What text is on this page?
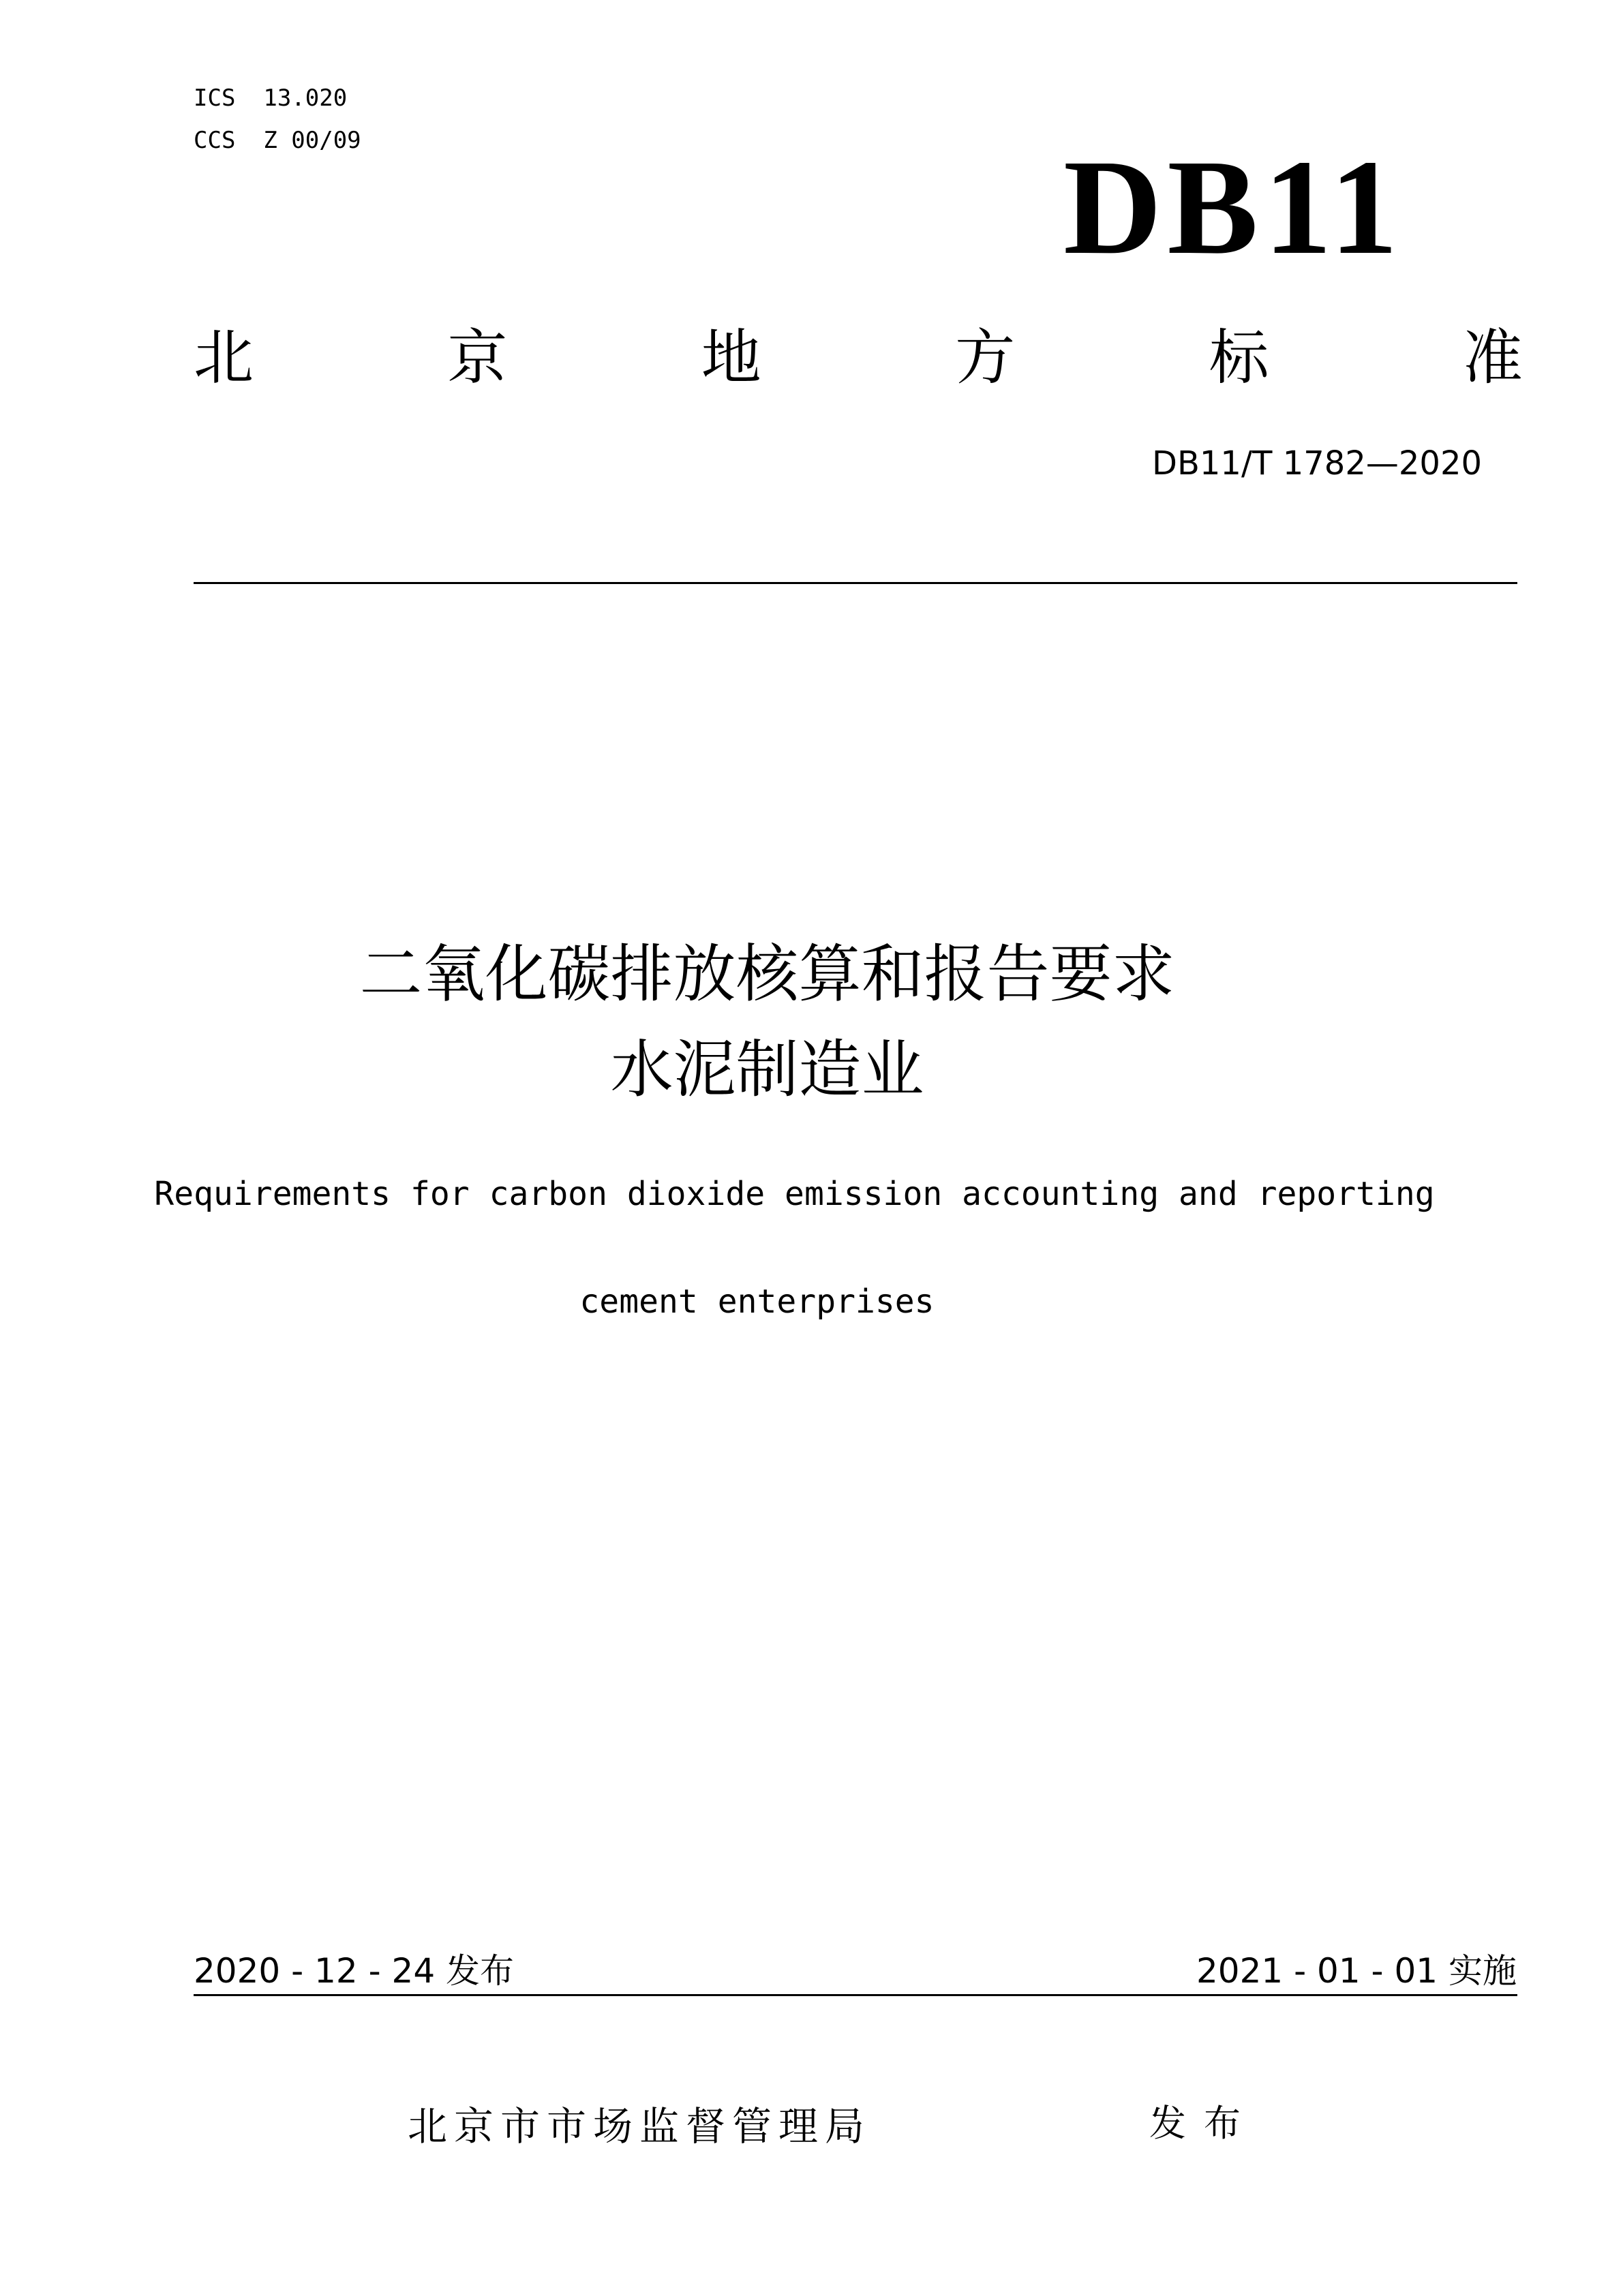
ICS  13.020
CCS  Z 00/09	DB11
北	京	地	方	标	准
DB11/T 1782—2020
二氧化碳排放核算和报告要求
水泥制造业
Requirements for carbon dioxide emission accounting and reporting
cement enterprises
2020 - 12 - 24 发布	2021 - 01 - 01 实施
北京市市场监督管理局	发布
